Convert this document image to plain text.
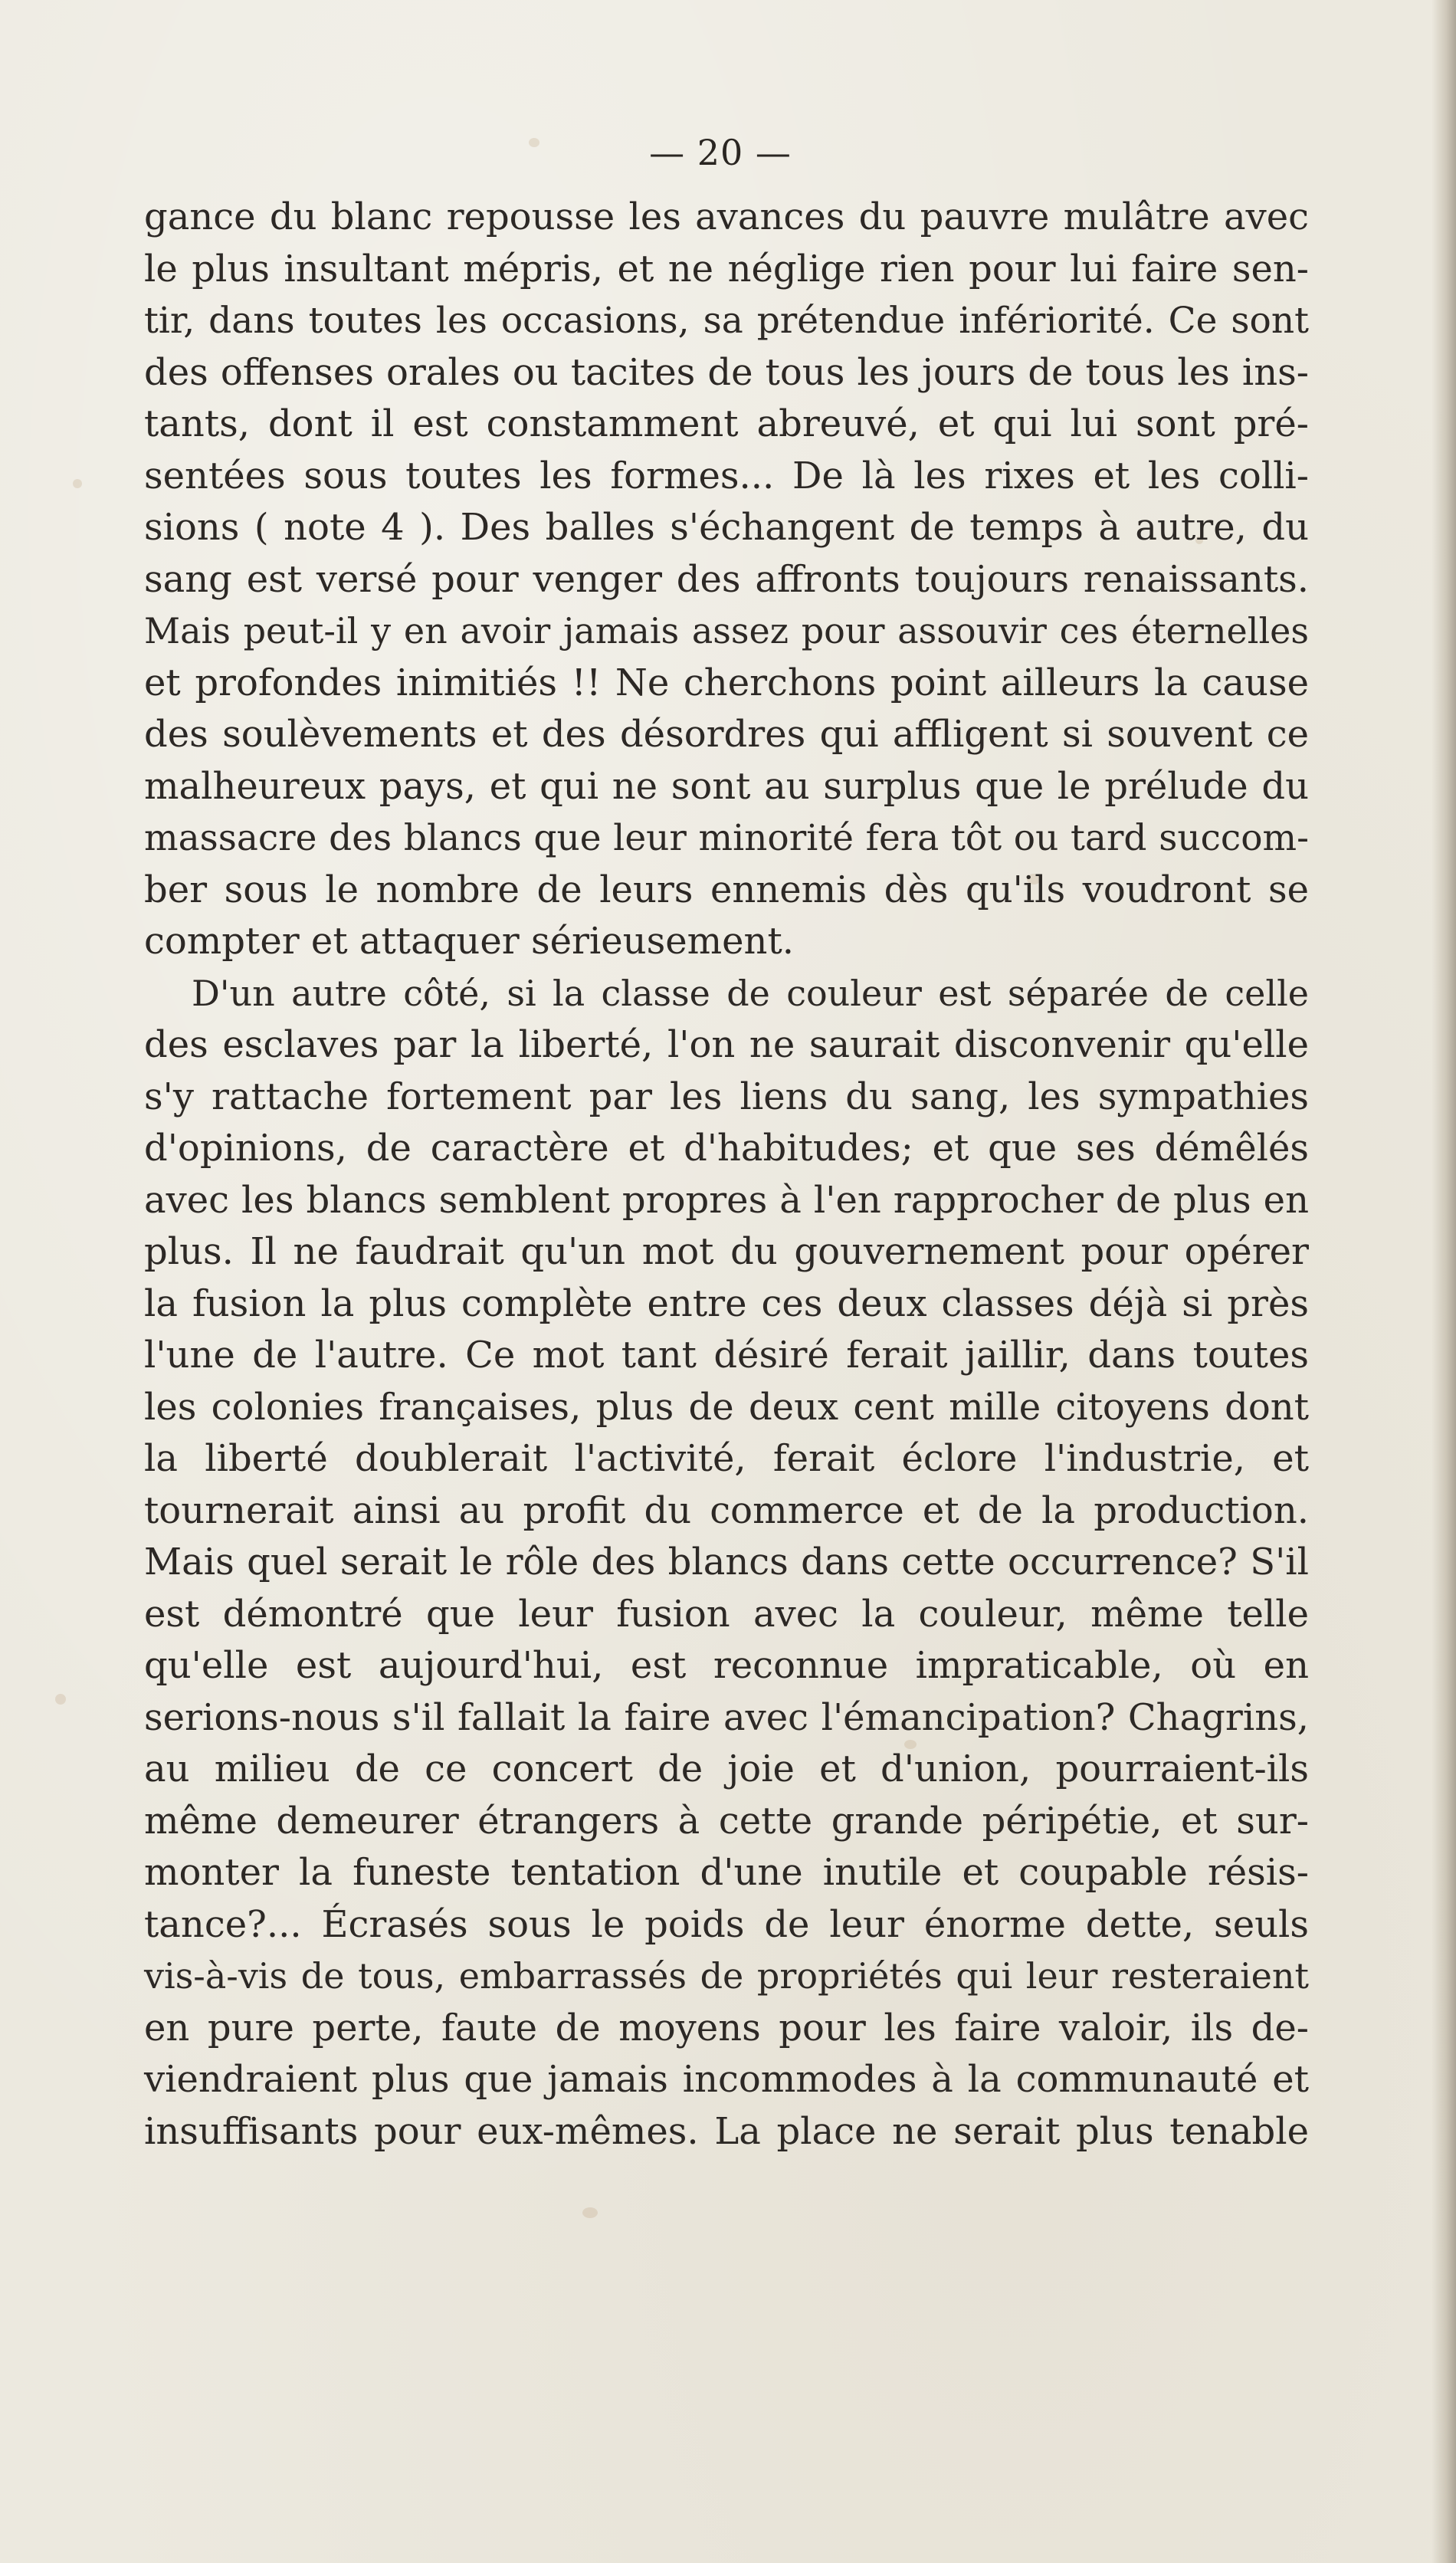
— 20 —
gance du blanc repousse les avances du pauvre mulâtre avec
le plus insultant mépris, et ne néglige rien pour lui faire sen-
tir, dans toutes les occasions, sa prétendue infériorité. Ce sont
des offenses orales ou tacites de tous les jours de tous les ins-
tants, dont il est constamment abreuvé, et qui lui sont pré-
sentées sous toutes les formes... De là les rixes et les colli-
sions ( note 4 ). Des balles s'échangent de temps à autre, du
sang est versé pour venger des affronts toujours renaissants.
Mais peut-il y en avoir jamais assez pour assouvir ces éternelles
et profondes inimitiés !! Ne cherchons point ailleurs la cause
des soulèvements et des désordres qui affligent si souvent ce
malheureux pays, et qui ne sont au surplus que le prélude du
massacre des blancs que leur minorité fera tôt ou tard succom-
ber sous le nombre de leurs ennemis dès qu'ils voudront se
compter et attaquer sérieusement.
D'un autre côté, si la classe de couleur est séparée de celle
des esclaves par la liberté, l'on ne saurait disconvenir qu'elle
s'y rattache fortement par les liens du sang, les sympathies
d'opinions, de caractère et d'habitudes; et que ses démêlés
avec les blancs semblent propres à l'en rapprocher de plus en
plus. Il ne faudrait qu'un mot du gouvernement pour opérer
la fusion la plus complète entre ces deux classes déjà si près
l'une de l'autre. Ce mot tant désiré ferait jaillir, dans toutes
les colonies françaises, plus de deux cent mille citoyens dont
la liberté doublerait l'activité, ferait éclore l'industrie, et
tournerait ainsi au profit du commerce et de la production.
Mais quel serait le rôle des blancs dans cette occurrence? S'il
est démontré que leur fusion avec la couleur, même telle
qu'elle est aujourd'hui, est reconnue impraticable, où en
serions-nous s'il fallait la faire avec l'émancipation? Chagrins,
au milieu de ce concert de joie et d'union, pourraient-ils
même demeurer étrangers à cette grande péripétie, et sur-
monter la funeste tentation d'une inutile et coupable résis-
tance?... Écrasés sous le poids de leur énorme dette, seuls
vis-à-vis de tous, embarrassés de propriétés qui leur resteraient
en pure perte, faute de moyens pour les faire valoir, ils de-
viendraient plus que jamais incommodes à la communauté et
insuffisants pour eux-mêmes. La place ne serait plus tenable
